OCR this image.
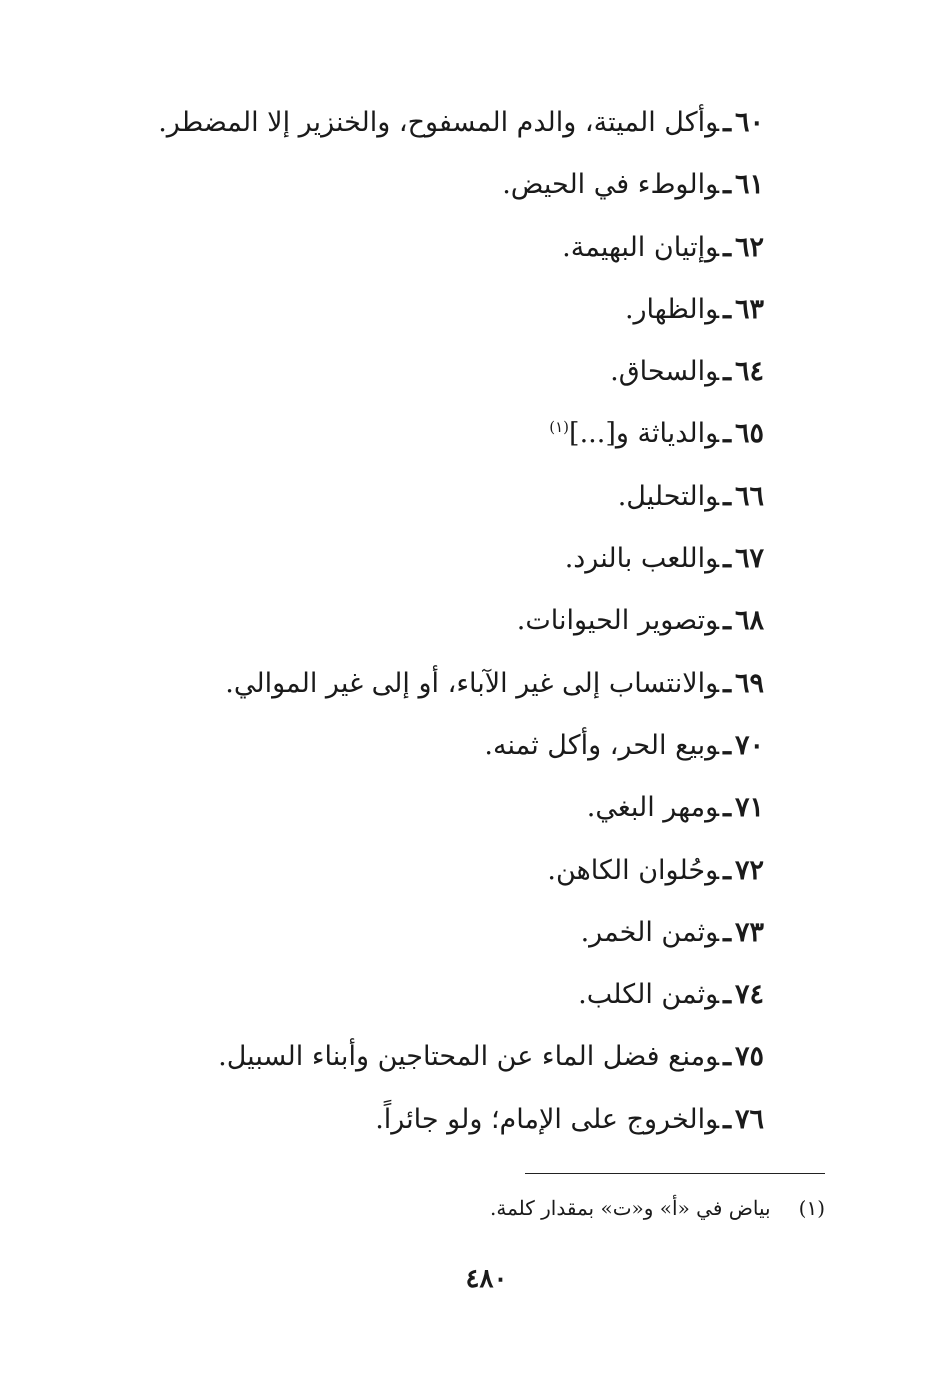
٦٠ـوأكل الميتة، والدم المسفوح، والخنزير إلا المضطر.
٦١ـوالوطء في الحيض.
٦٢ـوإتيان البهيمة.
٦٣ـوالظهار.
٦٤ـوالسحاق.
٦٥ـوالدياثة و[...]$^{(١)}$
٦٦ـوالتحليل.
٦٧ـواللعب بالنرد.
٦٨ـوتصوير الحيوانات.
٦٩ـوالانتساب إلى غير الآباء، أو إلى غير الموالي.
٧٠ـوبيع الحر، وأكل ثمنه.
٧١ـومهر البغي.
٧٢ـوحُلوان الكاهن.
٧٣ـوثمن الخمر.
٧٤ـوثمن الكلب.
٧٥ـومنع فضل الماء عن المحتاجين وأبناء السبيل.
٧٦ـوالخروج على الإمام؛ ولو جائراً.
(١)بياض في «أ» و«ت» بمقدار كلمة.
٤٨٠
